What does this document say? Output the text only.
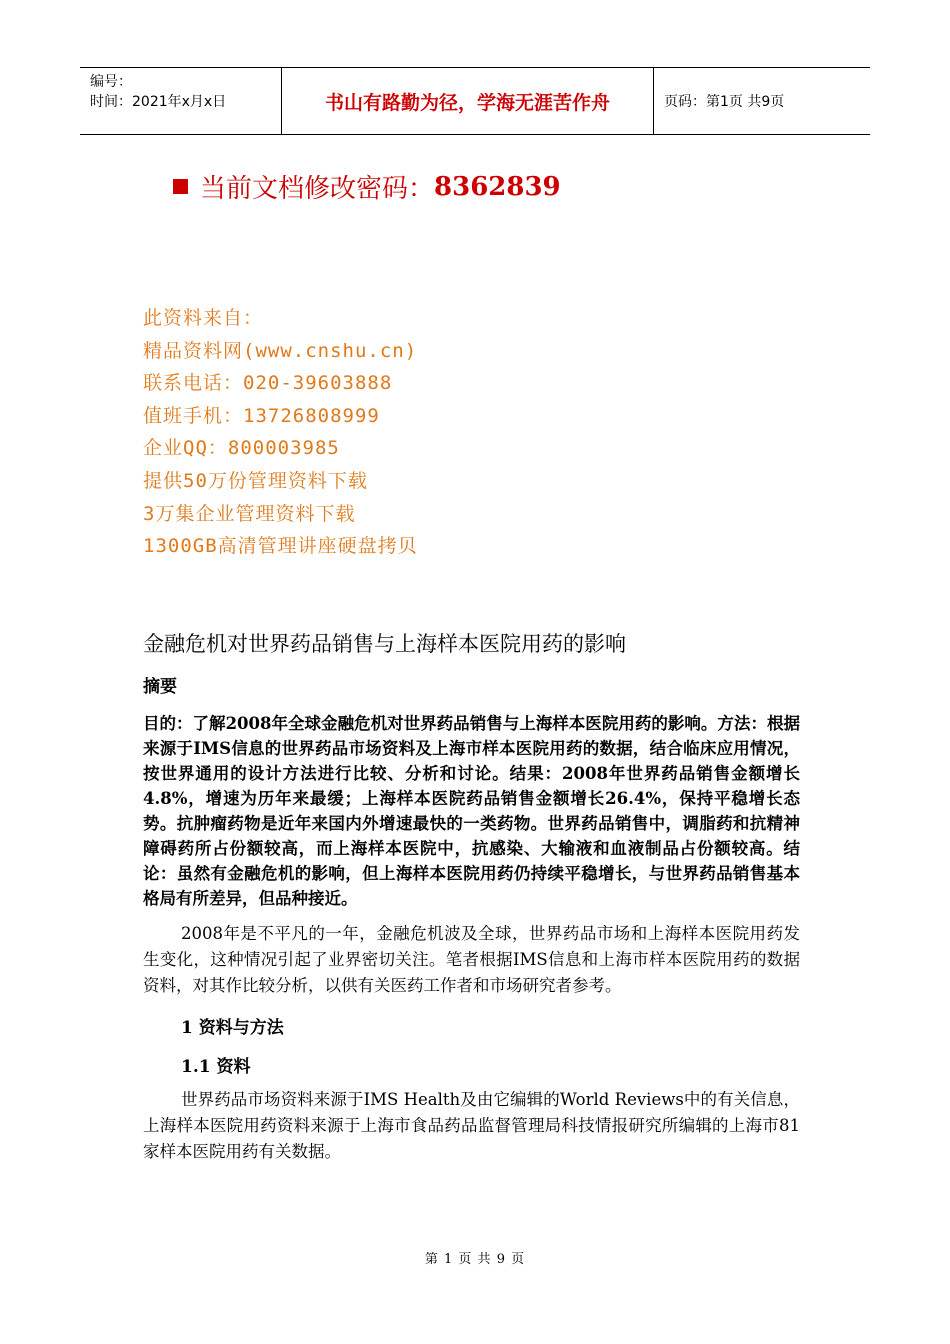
编号：
时间：2021年x月x日	书山有路勤为径，学海无涯苦作舟	页码：第1页 共9页
当前文档修改密码： 8362839
此资料来自：
精品资料网(www.cnshu.cn)
联系电话：020-39603888
值班手机：13726808999
企业QQ：800003985
提供50万份管理资料下载
3万集企业管理资料下载
1300GB高清管理讲座硬盘拷贝
金融危机对世界药品销售与上海样本医院用药的影响
摘要
目的：了解2008年全球金融危机对世界药品销售与上海样本医院用药的影响。方法：根据来源于IMS信息的世界药品市场资料及上海市样本医院用药的数据，结合临床应用情况，按世界通用的设计方法进行比较、分析和讨论。结果：2008年世界药品销售金额增长4.8%，增速为历年来最缓；上海样本医院药品销售金额增长26.4%，保持平稳增长态势。抗肿瘤药物是近年来国内外增速最快的一类药物。世界药品销售中，调脂药和抗精神障碍药所占份额较高，而上海样本医院中，抗感染、大输液和血液制品占份额较高。结论：虽然有金融危机的影响，但上海样本医院用药仍持续平稳增长，与世界药品销售基本格局有所差异，但品种接近。
2008年是不平凡的一年，金融危机波及全球，世界药品市场和上海样本医院用药发生变化，这种情况引起了业界密切关注。笔者根据IMS信息和上海市样本医院用药的数据资料，对其作比较分析，以供有关医药工作者和市场研究者参考。
1 资料与方法
1.1 资料
世界药品市场资料来源于IMS Health及由它编辑的World Reviews中的有关信息，上海样本医院用药资料来源于上海市食品药品监督管理局科技情报研究所编辑的上海市81家样本医院用药有关数据。
第 1 页 共 9 页
